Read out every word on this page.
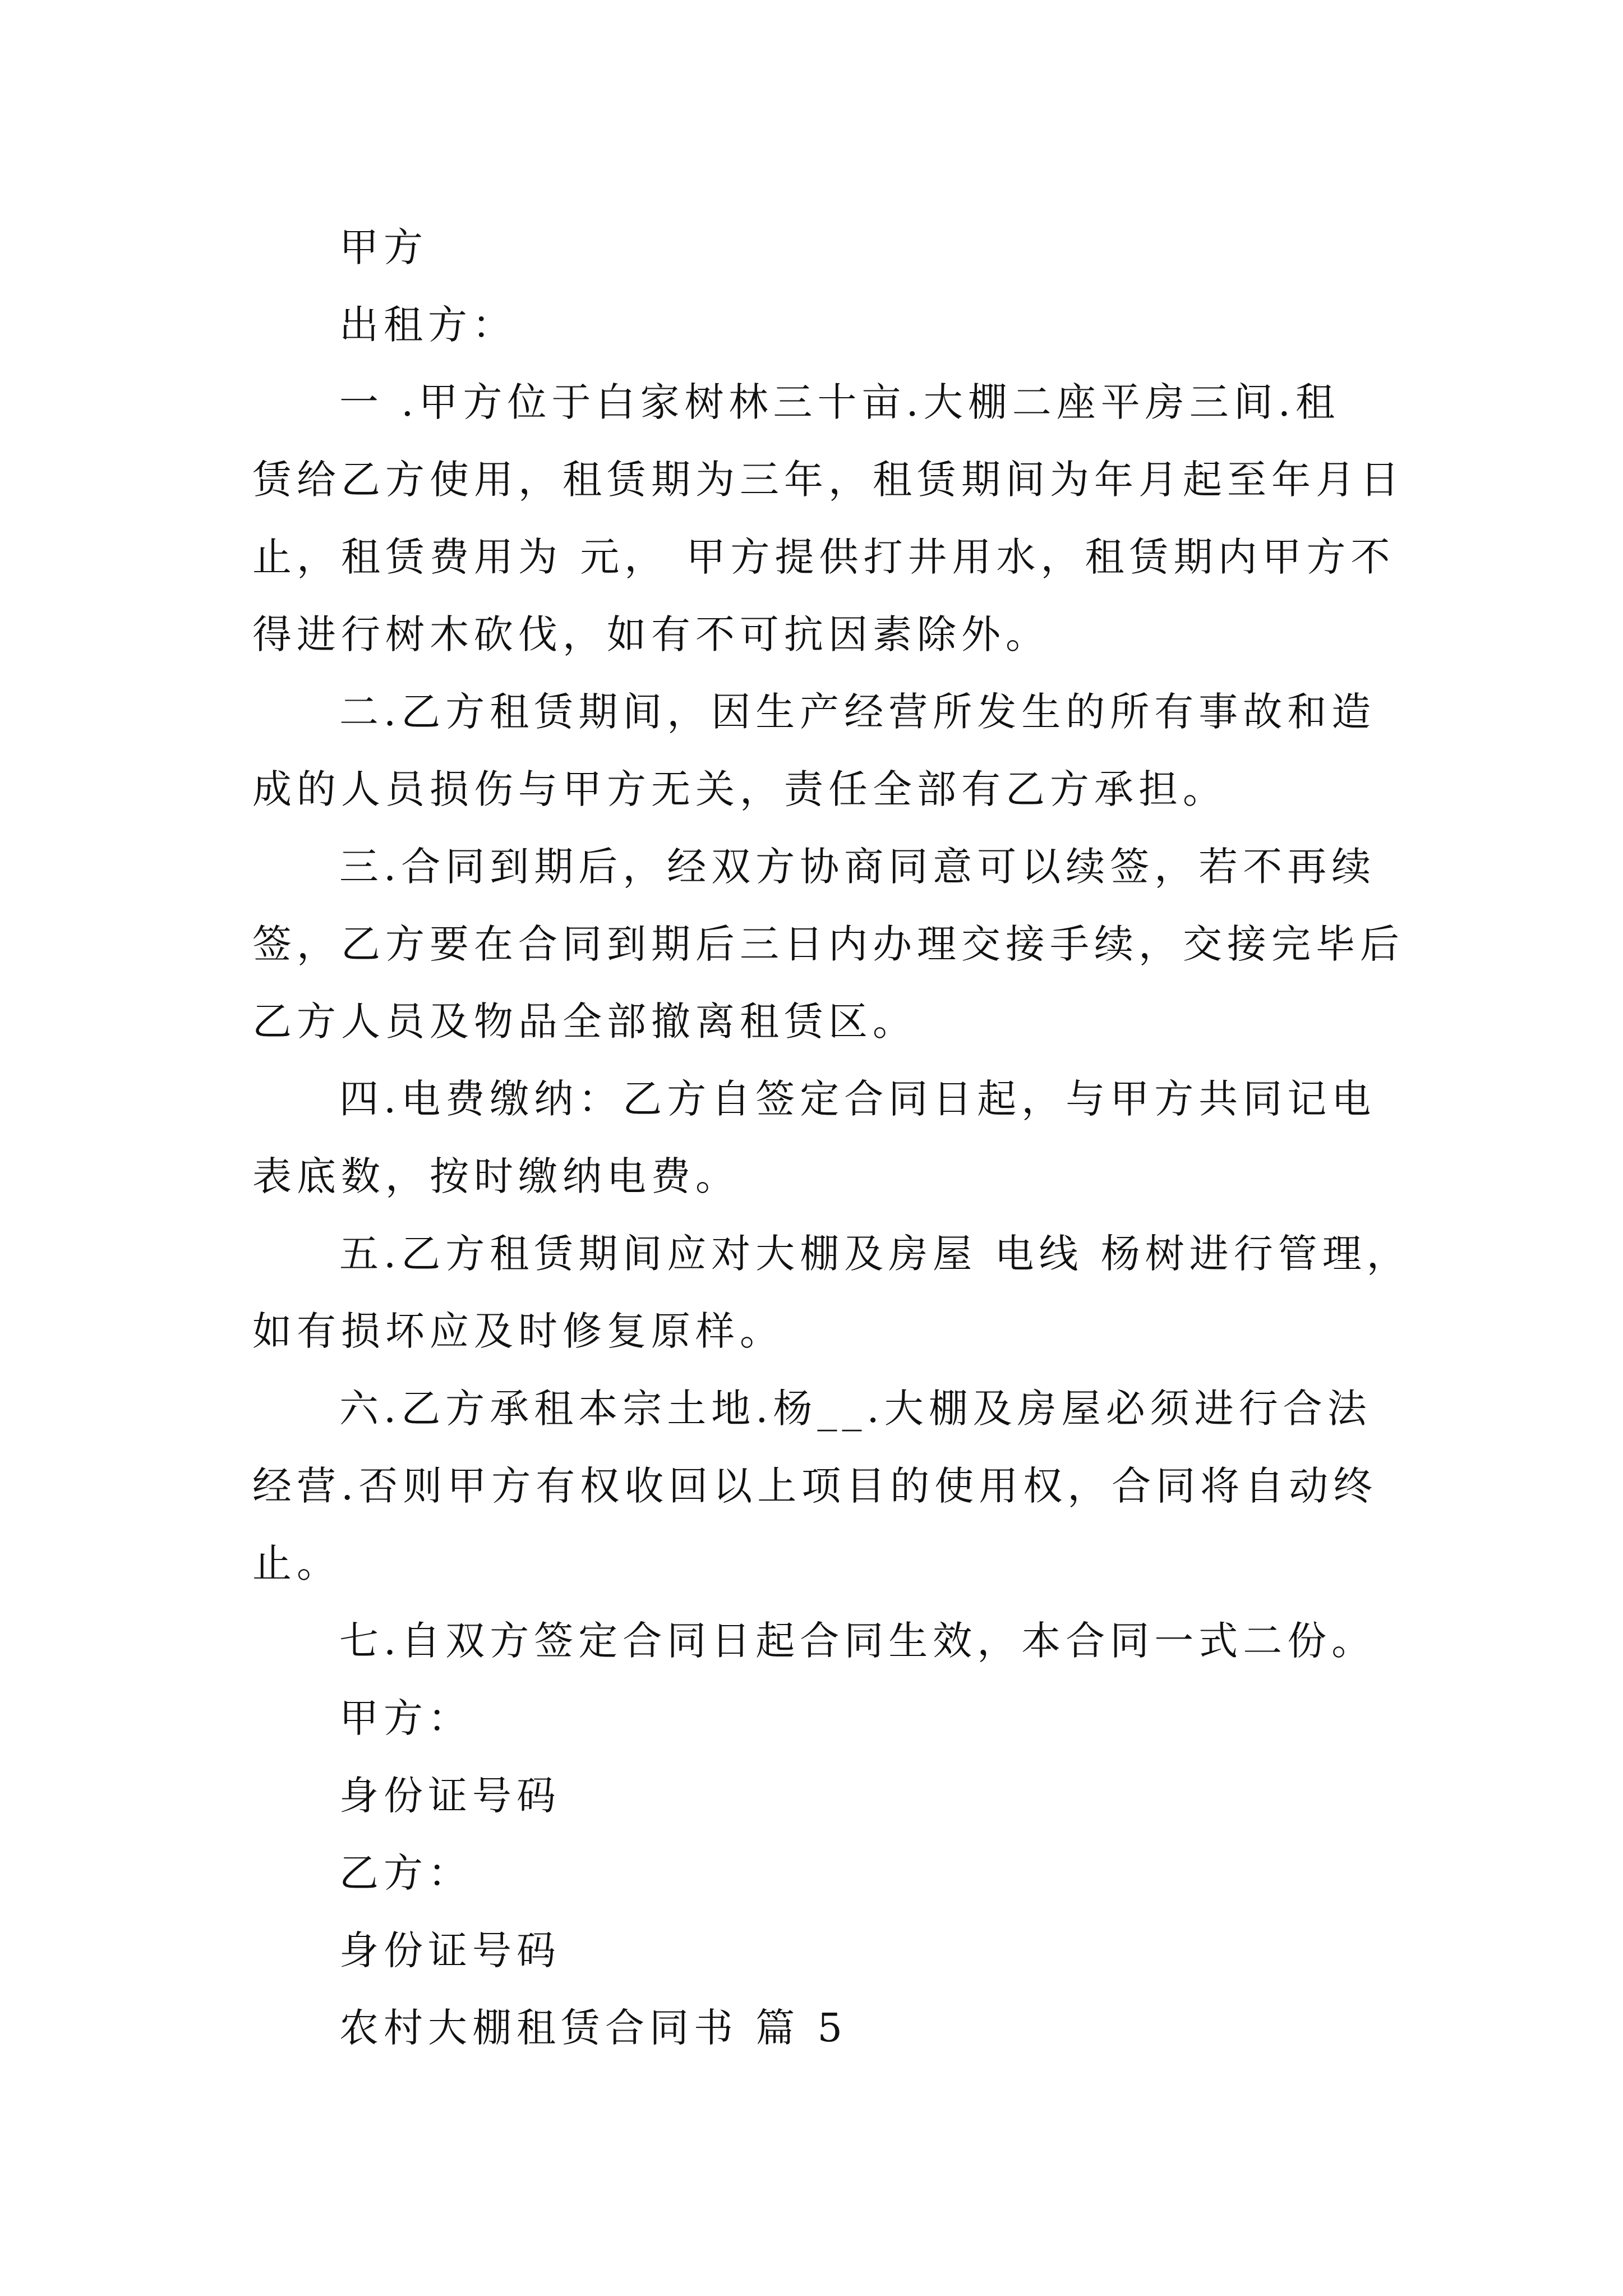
甲方
出租方：
一 .甲方位于白家树林三十亩.大棚二座平房三间.租
赁给乙方使用，租赁期为三年，租赁期间为年月起至年月日
止，租赁费用为 元， 甲方提供打井用水，租赁期内甲方不
得进行树木砍伐，如有不可抗因素除外。
二.乙方租赁期间，因生产经营所发生的所有事故和造
成的人员损伤与甲方无关，责任全部有乙方承担。
三.合同到期后，经双方协商同意可以续签，若不再续
签，乙方要在合同到期后三日内办理交接手续，交接完毕后
乙方人员及物品全部撤离租赁区。
四.电费缴纳：乙方自签定合同日起，与甲方共同记电
表底数，按时缴纳电费。
五.乙方租赁期间应对大棚及房屋 电线 杨树进行管理，
如有损坏应及时修复原样。
六.乙方承租本宗土地.杨__.大棚及房屋必须进行合法
经营.否则甲方有权收回以上项目的使用权，合同将自动终
止。
七.自双方签定合同日起合同生效，本合同一式二份。
甲方：
身份证号码
乙方：
身份证号码
农村大棚租赁合同书 篇 5
